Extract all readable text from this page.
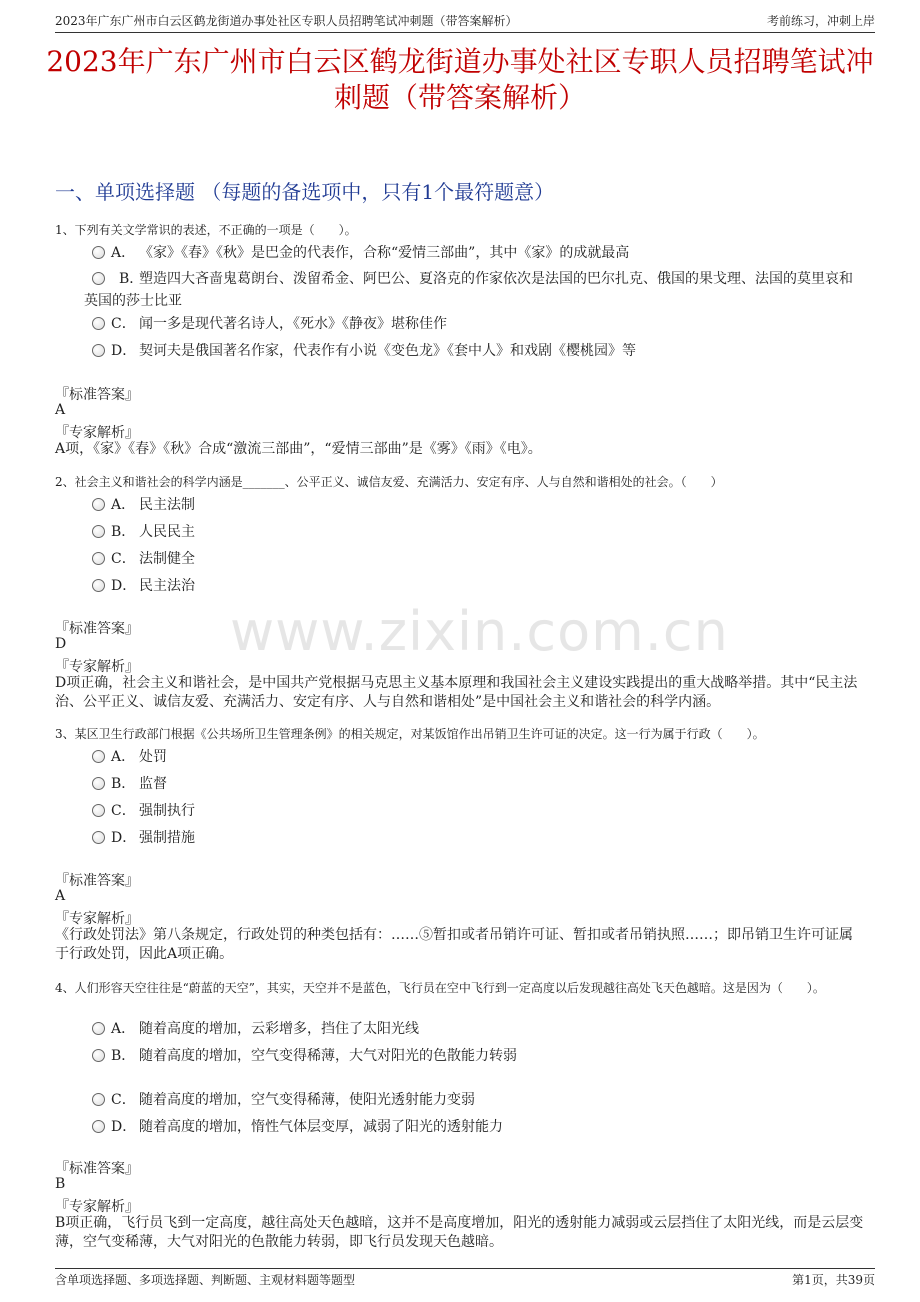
2023年广东广州市白云区鹤龙街道办事处社区专职人员招聘笔试冲刺题（带答案解析）	考前练习，冲刺上岸
2023年广东广州市白云区鹤龙街道办事处社区专职人员招聘笔试冲刺题（带答案解析）
一、单项选择题 （每题的备选项中，只有1个最符题意）
www.zixin.com.cn
1、下列有关文学常识的表述，不正确的一项是（　　）。
A． 《家》《春》《秋》是巴金的代表作，合称“爱情三部曲”，其中《家》的成就最高
B．塑造四大吝啬鬼葛朗台、泼留希金、阿巴公、夏洛克的作家依次是法国的巴尔扎克、俄国的果戈理、法国的莫里哀和英国的莎士比亚
C． 闻一多是现代著名诗人，《死水》《静夜》堪称佳作
D． 契诃夫是俄国著名作家，代表作有小说《变色龙》《套中人》和戏剧《樱桃园》等
『标准答案』
A
『专家解析』
A项，《家》《春》《秋》合成“激流三部曲”，“爱情三部曲”是《雾》《雨》《电》。
2、社会主义和谐社会的科学内涵是_______、公平正义、诚信友爱、充满活力、安定有序、人与自然和谐相处的社会。（　　）
A． 民主法制
B． 人民民主
C． 法制健全
D． 民主法治
『标准答案』
D
『专家解析』
D项正确，社会主义和谐社会，是中国共产党根据马克思主义基本原理和我国社会主义建设实践提出的重大战略举措。其中“民主法治、公平正义、诚信友爱、充满活力、安定有序、人与自然和谐相处”是中国社会主义和谐社会的科学内涵。
3、某区卫生行政部门根据《公共场所卫生管理条例》的相关规定，对某饭馆作出吊销卫生许可证的决定。这一行为属于行政（　　）。
A． 处罚
B． 监督
C． 强制执行
D． 强制措施
『标准答案』
A
『专家解析』
《行政处罚法》第八条规定，行政处罚的种类包括有：……⑤暂扣或者吊销许可证、暂扣或者吊销执照……；即吊销卫生许可证属于行政处罚，因此A项正确。
4、人们形容天空往往是“蔚蓝的天空”，其实，天空并不是蓝色，飞行员在空中飞行到一定高度以后发现越往高处飞天色越暗。这是因为（　　）。
A． 随着高度的增加，云彩增多，挡住了太阳光线
B． 随着高度的增加，空气变得稀薄，大气对阳光的色散能力转弱
C． 随着高度的增加，空气变得稀薄，使阳光透射能力变弱
D． 随着高度的增加，惰性气体层变厚，减弱了阳光的透射能力
『标准答案』
B
『专家解析』
B项正确，飞行员飞到一定高度，越往高处天色越暗，这并不是高度增加，阳光的透射能力减弱或云层挡住了太阳光线，而是云层变薄，空气变稀薄，大气对阳光的色散能力转弱，即飞行员发现天色越暗。
含单项选择题、多项选择题、判断题、主观材料题等题型	第1页，共39页
